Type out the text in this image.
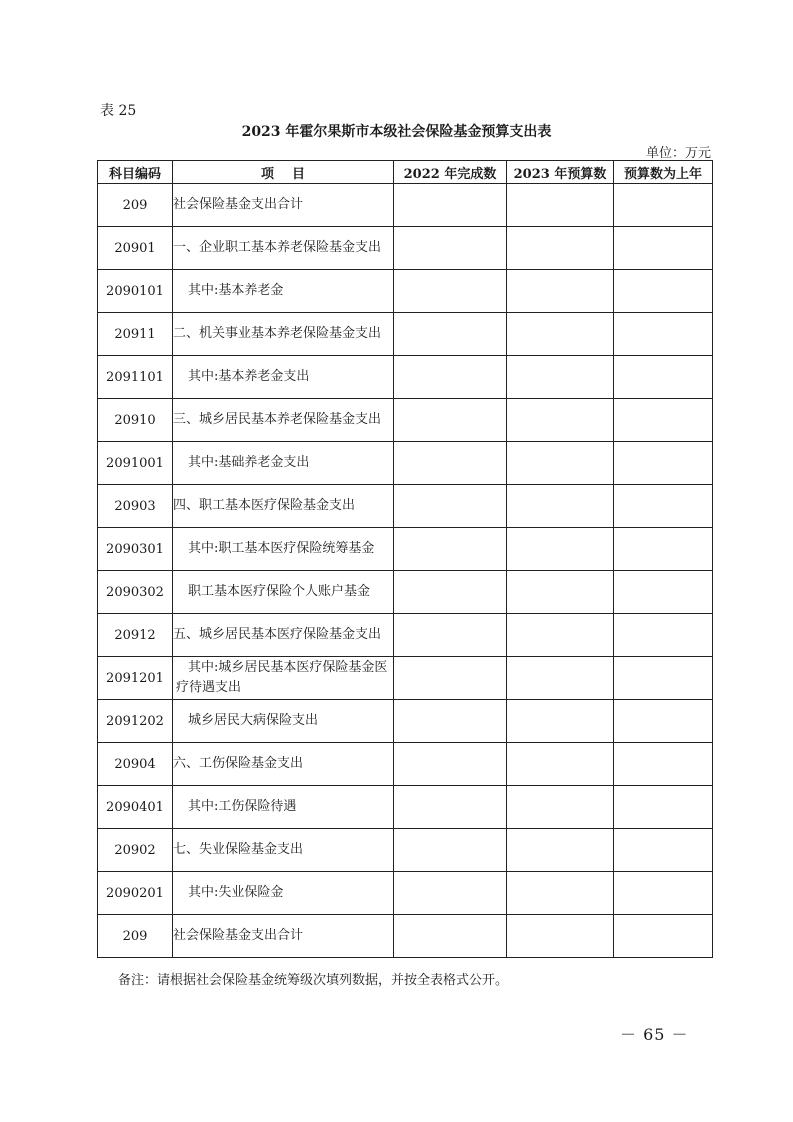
表 25
2023 年霍尔果斯市本级社会保险基金预算支出表
单位：万元
科目编码	项    目	2022 年完成数	2023 年预算数	预算数为上年
209	社会保险基金支出合计			
20901	一、企业职工基本养老保险基金支出			
2090101	其中:基本养老金			
20911	二、机关事业基本养老保险基金支出			
2091101	其中:基本养老金支出			
20910	三、城乡居民基本养老保险基金支出			
2091001	其中:基础养老金支出			
20903	四、职工基本医疗保险基金支出			
2090301	其中:职工基本医疗保险统筹基金			
2090302	职工基本医疗保险个人账户基金			
20912	五、城乡居民基本医疗保险基金支出			
2091201	其中:城乡居民基本医疗保险基金医疗待遇支出			
2091202	城乡居民大病保险支出			
20904	六、工伤保险基金支出			
2090401	其中:工伤保险待遇			
20902	七、失业保险基金支出			
2090201	其中:失业保险金			
209	社会保险基金支出合计			
备注：请根据社会保险基金统筹级次填列数据，并按全表格式公开。
－ 65 －
